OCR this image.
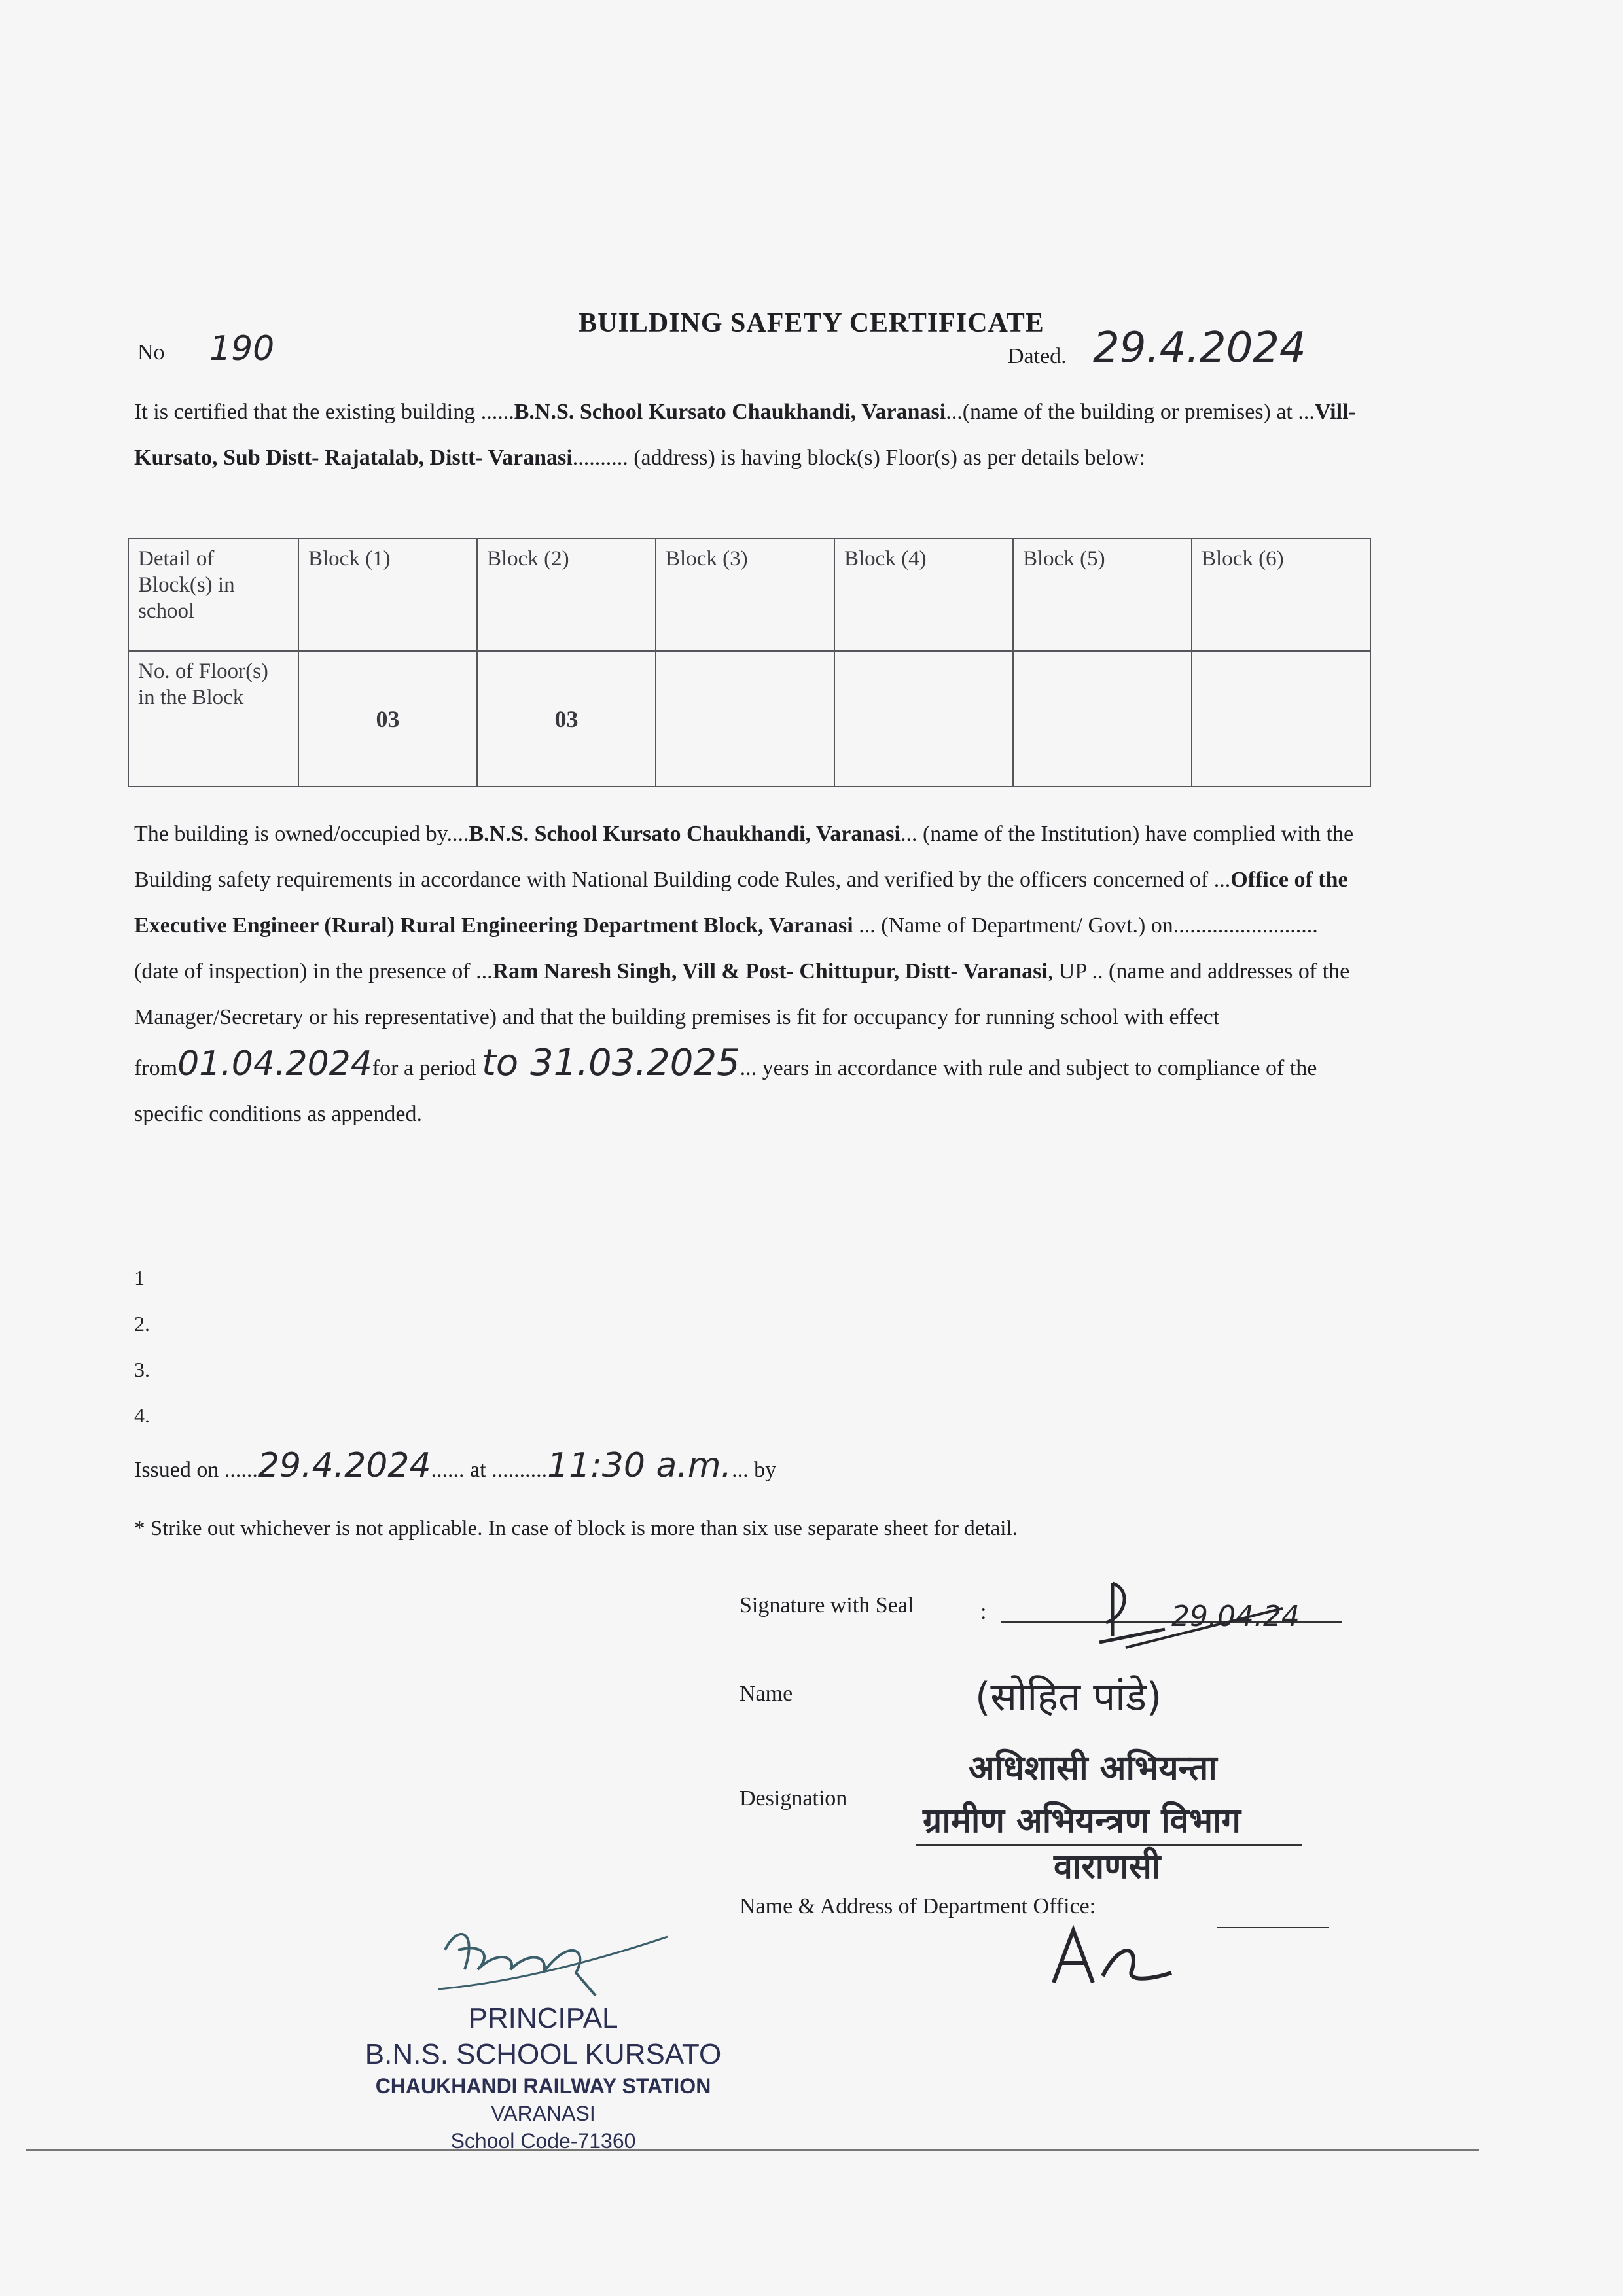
BUILDING SAFETY CERTIFICATE
No 190	Dated. 29.4.2024
It is certified that the existing building ......B.N.S. School Kursato Chaukhandi, Varanasi...(name of the building or premises) at ...Vill- Kursato, Sub Distt- Rajatalab, Distt- Varanasi.......... (address) is having block(s) Floor(s) as per details below:
Detail of Block(s) in school	Block (1)	Block (2)	Block (3)	Block (4)	Block (5)	Block (6)
No. of Floor(s) in the Block	03	03				
The building is owned/occupied by....B.N.S. School Kursato Chaukhandi, Varanasi... (name of the Institution) have complied with the Building safety requirements in accordance with National Building code Rules, and verified by the officers concerned of ...Office of the Executive Engineer (Rural) Rural Engineering Department Block, Varanasi ... (Name of Department/ Govt.) on.......................... (date of inspection) in the presence of ...Ram Naresh Singh, Vill & Post- Chittupur, Distt- Varanasi, UP .. (name and addresses of the Manager/Secretary or his representative) and that the building premises is fit for occupancy for running school with effect from01.04.2024for a period to 31.03.2025... years in accordance with rule and subject to compliance of the specific conditions as appended.
1
2.
3.
4.
Issued on ......29.4.2024...... at ..........11:30 a.m.... by
* Strike out whichever is not applicable. In case of block is more than six use separate sheet for detail.
Signature with Seal	:	29.04.24
Name	(सोहित पांडे)
Designation
अधिशासी अभियन्ता
ग्रामीण अभियन्त्रण विभाग
वाराणसी
Name & Address of Department Office:
PRINCIPAL
B.N.S. SCHOOL KURSATO
CHAUKHANDI RAILWAY STATION
VARANASI
School Code-71360
